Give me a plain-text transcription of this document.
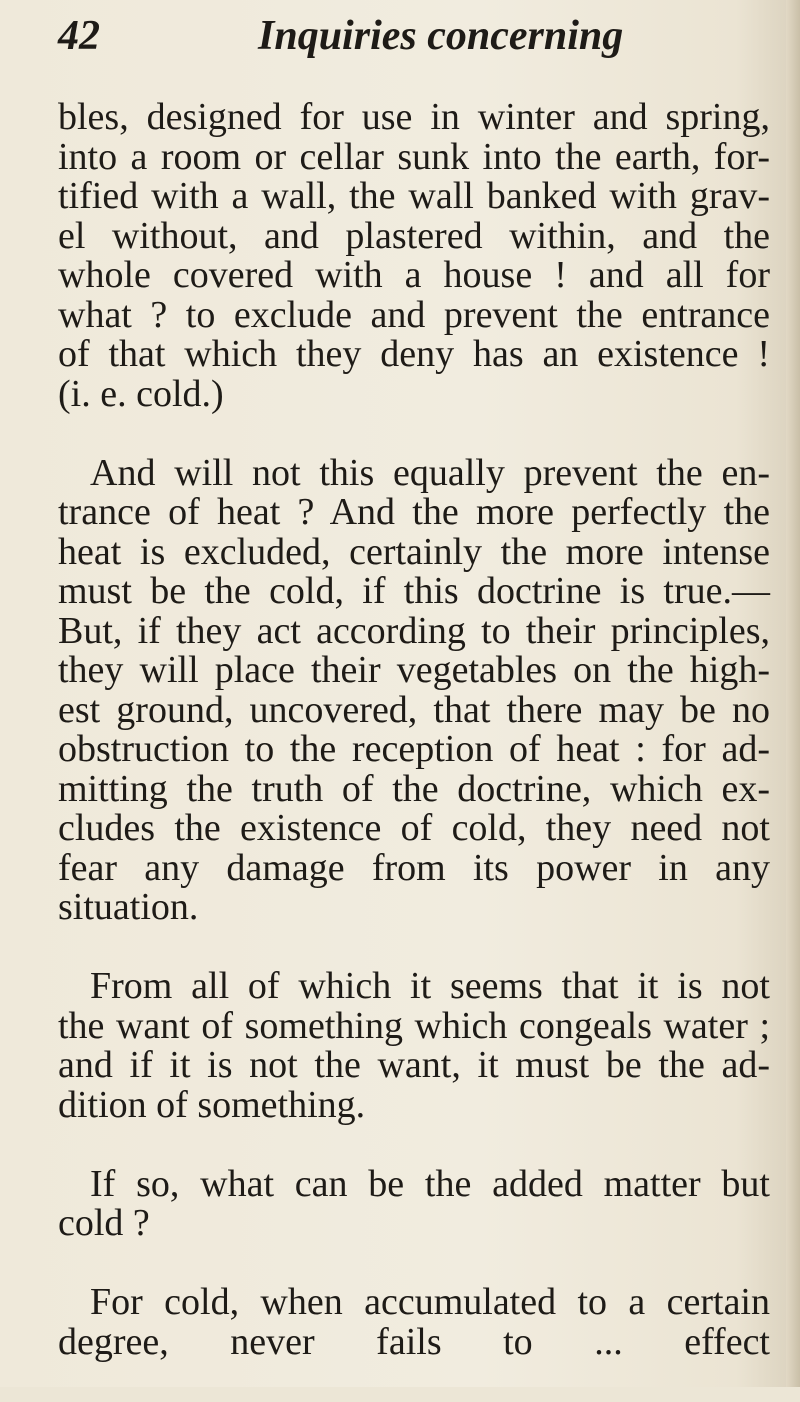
42	Inquiries concerning

bles, designed for use in winter and spring,
into a room or cellar sunk into the earth, for-
tified with a wall, the wall banked with grav-
el without, and plastered within, and the
whole covered with a house ! and all for
what ? to exclude and prevent the entrance
of that which they deny has an existence !
(i. e. cold.)

And will not this equally prevent the en-
trance of heat ? And the more perfectly the
heat is excluded, certainly the more intense
must be the cold, if this doctrine is true.—
But, if they act according to their principles,
they will place their vegetables on the high-
est ground, uncovered, that there may be no
obstruction to the reception of heat : for ad-
mitting the truth of the doctrine, which ex-
cludes the existence of cold, they need not
fear any damage from its power in any
situation.

From all of which it seems that it is not
the want of something which congeals water ;
and if it is not the want, it must be the ad-
dition of something.

If so, what can be the added matter but
cold ?

For cold, when accumulated to a certain
degree, never fails to ... effect
